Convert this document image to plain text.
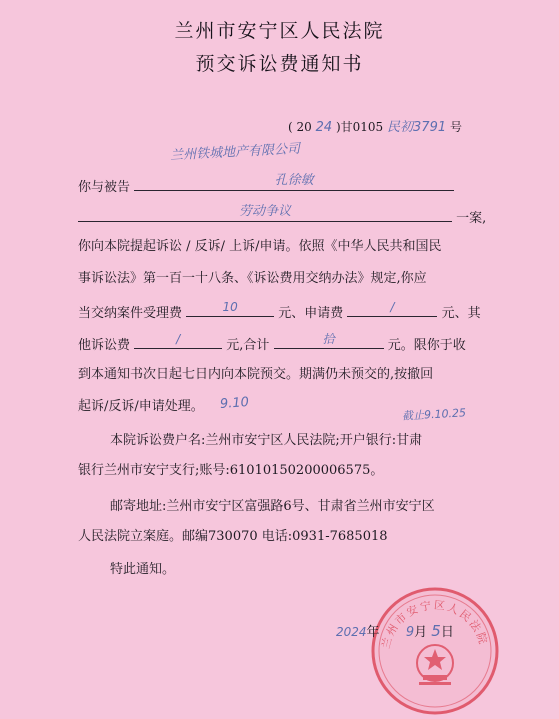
兰州市安宁区人民法院
预交诉讼费通知书
( 20 24 )甘0105 民初3791 号
兰州铁城地产有限公司
你与被告	孔徐敏
劳动争议	一案,
你向本院提起诉讼 / 反诉/ 上诉/申请。依照《中华人民共和国民
事诉讼法》第一百一十八条、《诉讼费用交纳办法》规定,你应
当交纳案件受理费	10	元、申请费	/	元、其
他诉讼费	/	元,合计	拾	元。限你于收
到本通知书次日起七日内向本院预交。期满仍未预交的,按撤回
起诉/反诉/申请处理。	9.10
截止9.10.25
本院诉讼费户名:兰州市安宁区人民法院;开户银行:甘肃
银行兰州市安宁支行;账号:61010150200006575。
邮寄地址:兰州市安宁区富强路6号、甘肃省兰州市安宁区
人民法院立案庭。邮编730070 电话:0931-7685018
特此通知。
兰州市安宁区人民法院
2024年 9月 5日
